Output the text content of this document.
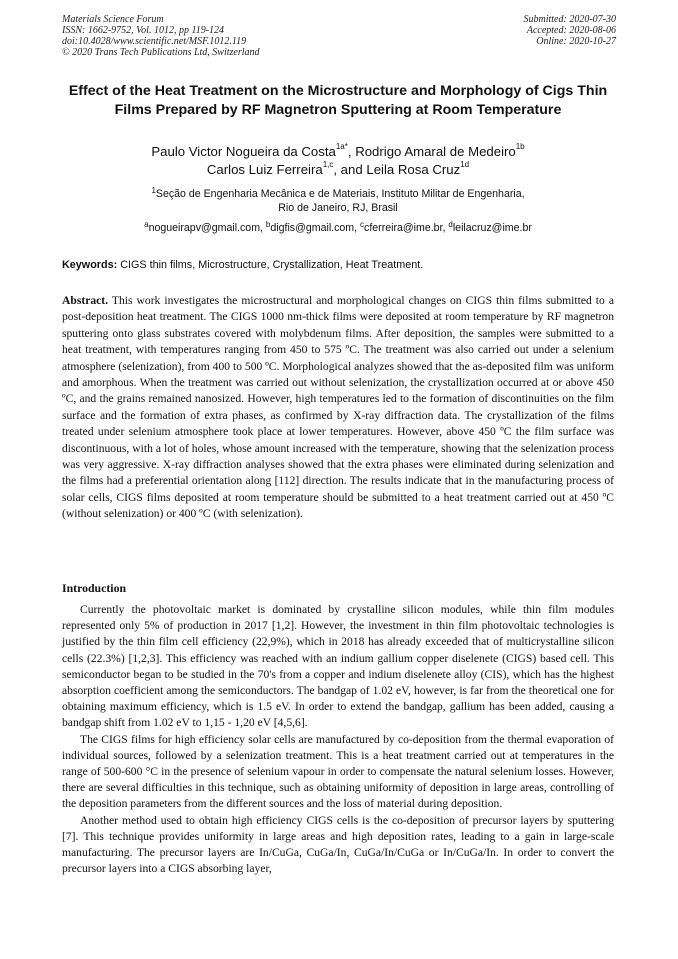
Materials Science Forum
ISSN: 1662-9752, Vol. 1012, pp 119-124
doi:10.4028/www.scientific.net/MSF.1012.119
© 2020 Trans Tech Publications Ltd, Switzerland
Submitted: 2020-07-30
Accepted: 2020-08-06
Online: 2020-10-27
Effect of the Heat Treatment on the Microstructure and Morphology of Cigs Thin Films Prepared by RF Magnetron Sputtering at Room Temperature
Paulo Victor Nogueira da Costa$^{1a*}$, Rodrigo Amaral de Medeiro$^{1b}$
Carlos Luiz Ferreira$^{1,c}$, and Leila Rosa Cruz$^{1d}$
$^1$Seção de Engenharia Mecânica e de Materiais, Instituto Militar de Engenharia,
Rio de Janeiro, RJ, Brasil
$^a$nogueirapv@gmail.com, $^b$digfis@gmail.com, $^c$cferreira@ime.br, $^d$leilacruz@ime.br
Keywords: CIGS thin films, Microstructure, Crystallization, Heat Treatment.

Abstract. This work investigates the microstructural and morphological changes on CIGS thin films submitted to a post-deposition heat treatment. The CIGS 1000 nm-thick films were deposited at room temperature by RF magnetron sputtering onto glass substrates covered with molybdenum films. After deposition, the samples were submitted to a heat treatment, with temperatures ranging from 450 to 575 ºC. The treatment was also carried out under a selenium atmosphere (selenization), from 400 to 500 ºC. Morphological analyzes showed that the as-deposited film was uniform and amorphous. When the treatment was carried out without selenization, the crystallization occurred at or above 450 ºC, and the grains remained nanosized. However, high temperatures led to the formation of discontinuities on the film surface and the formation of extra phases, as confirmed by X-ray diffraction data. The crystallization of the films treated under selenium atmosphere took place at lower temperatures. However, above 450 ºC the film surface was discontinuous, with a lot of holes, whose amount increased with the temperature, showing that the selenization process was very aggressive. X-ray diffraction analyses showed that the extra phases were eliminated during selenization and the films had a preferential orientation along [112] direction. The results indicate that in the manufacturing process of solar cells, CIGS films deposited at room temperature should be submitted to a heat treatment carried out at 450 ºC (without selenization) or 400 ºC (with selenization).

Introduction

Currently the photovoltaic market is dominated by crystalline silicon modules, while thin film modules represented only 5% of production in 2017 [1,2]. However, the investment in thin film photovoltaic technologies is justified by the thin film cell efficiency (22,9%), which in 2018 has already exceeded that of multicrystalline silicon cells (22.3%) [1,2,3]. This efficiency was reached with an indium gallium copper diselenete (CIGS) based cell. This semiconductor began to be studied in the 70's from a copper and indium diselenete alloy (CIS), which has the highest absorption coefficient among the semiconductors. The bandgap of 1.02 eV, however, is far from the theoretical one for obtaining maximum efficiency, which is 1.5 eV. In order to extend the bandgap, gallium has been added, causing a bandgap shift from 1.02 eV to 1,15 - 1,20 eV [4,5,6].

The CIGS films for high efficiency solar cells are manufactured by co-deposition from the thermal evaporation of individual sources, followed by a selenization treatment. This is a heat treatment carried out at temperatures in the range of 500-600 °C in the presence of selenium vapour in order to compensate the natural selenium losses. However, there are several difficulties in this technique, such as obtaining uniformity of deposition in large areas, controlling of the deposition parameters from the different sources and the loss of material during deposition.

Another method used to obtain high efficiency CIGS cells is the co-deposition of precursor layers by sputtering [7]. This technique provides uniformity in large areas and high deposition rates, leading to a gain in large-scale manufacturing. The precursor layers are In/CuGa, CuGa/In, CuGa/In/CuGa or In/CuGa/In. In order to convert the precursor layers into a CIGS absorbing layer,
